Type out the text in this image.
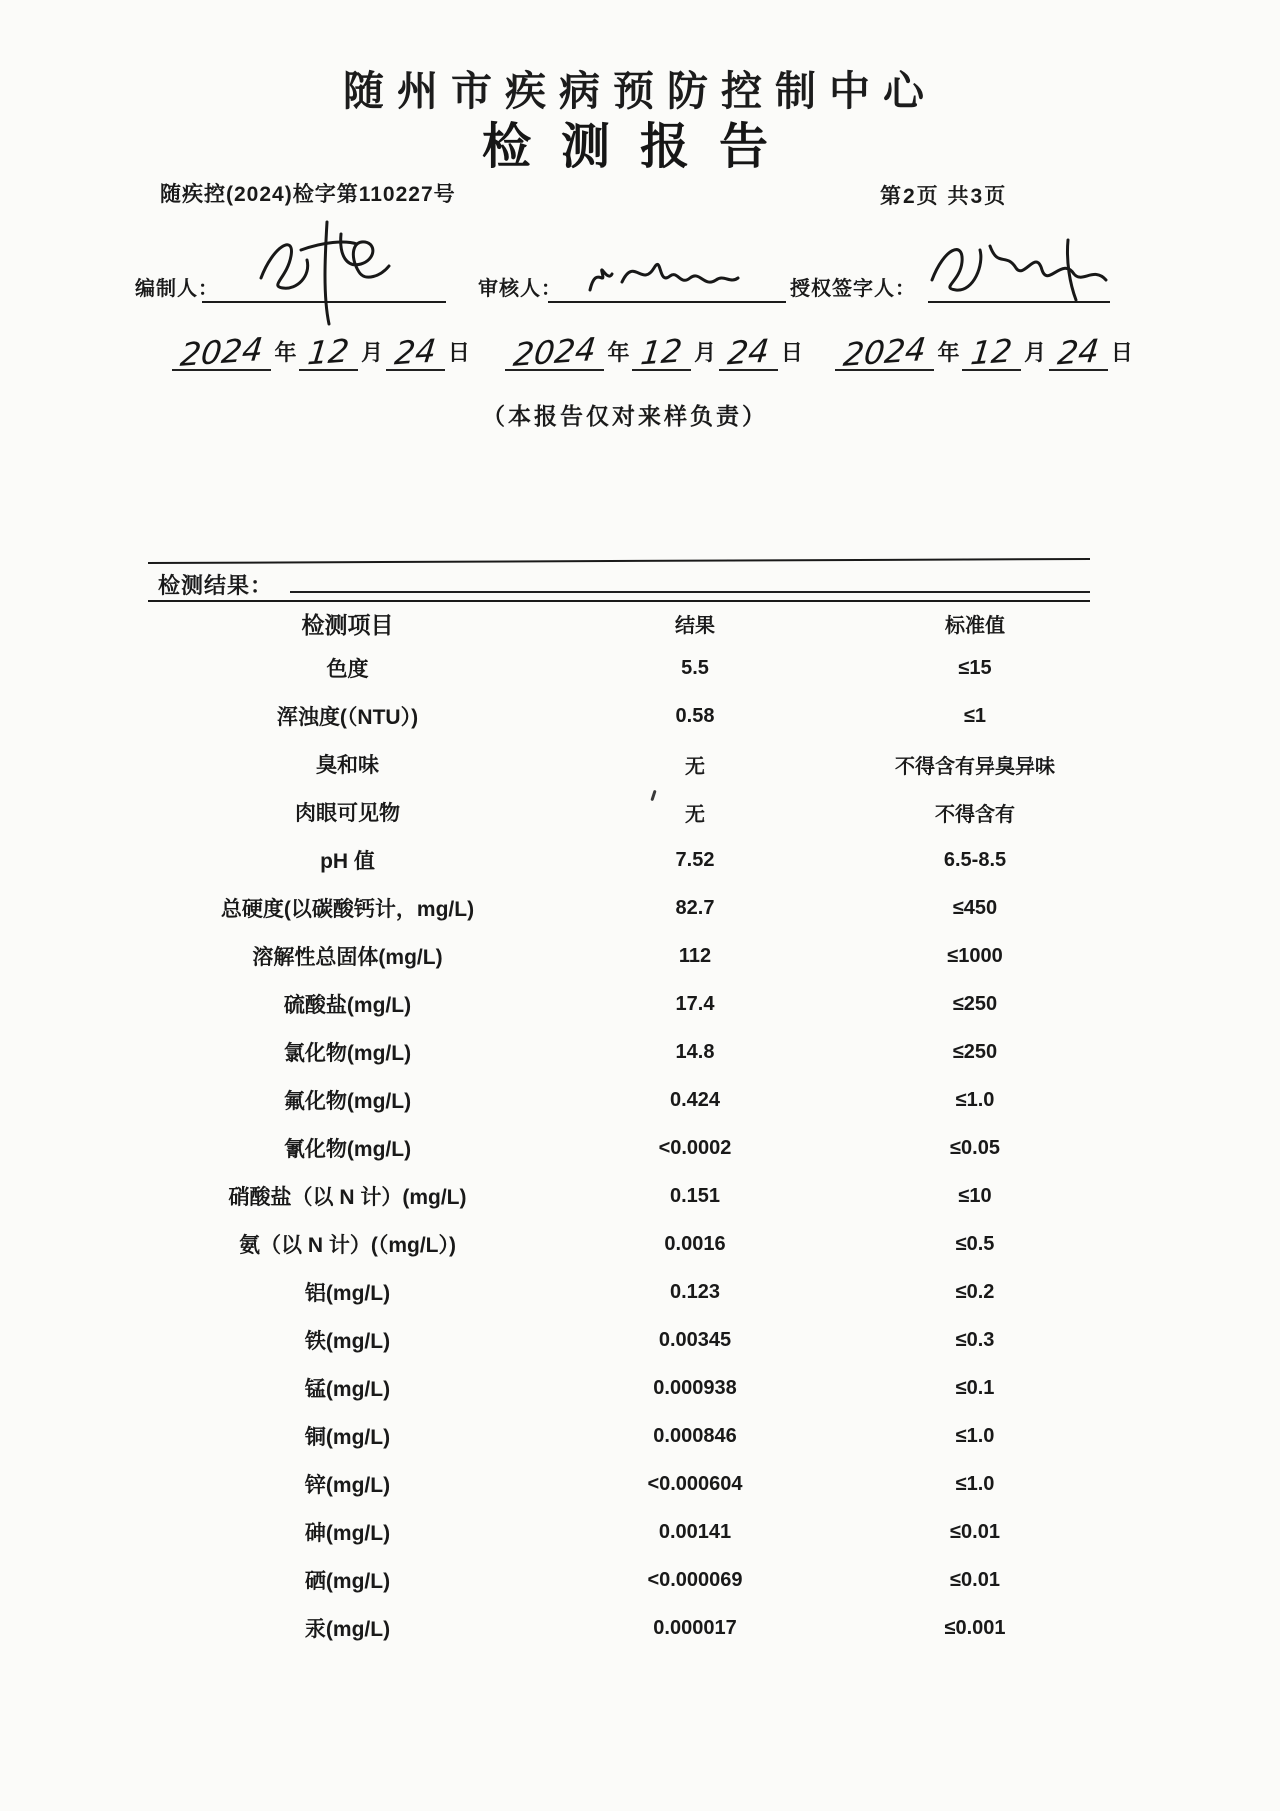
随州市疾病预防控制中心
检测报告
随疾控(2024)检字第110227号	第2页 共3页
编制人：	审核人：	授权签字人：
2024 年 12 月 24 日 2024 年 12 月 24 日 2024 年 12 月 24 日
（本报告仅对来样负责）
检测结果：
检测项目	结果	标准值
色度	5.5	≤15
浑浊度(（NTU）)	0.58	≤1
臭和味	无	不得含有异臭异味
肉眼可见物	无	不得含有
pH 值	7.52	6.5-8.5
总硬度(以碳酸钙计，mg/L)	82.7	≤450
溶解性总固体(mg/L)	112	≤1000
硫酸盐(mg/L)	17.4	≤250
氯化物(mg/L)	14.8	≤250
氟化物(mg/L)	0.424	≤1.0
氰化物(mg/L)	<0.0002	≤0.05
硝酸盐（以 N 计）(mg/L)	0.151	≤10
氨（以 N 计）(（mg/L）)	0.0016	≤0.5
铝(mg/L)	0.123	≤0.2
铁(mg/L)	0.00345	≤0.3
锰(mg/L)	0.000938	≤0.1
铜(mg/L)	0.000846	≤1.0
锌(mg/L)	<0.000604	≤1.0
砷(mg/L)	0.00141	≤0.01
硒(mg/L)	<0.000069	≤0.01
汞(mg/L)	0.000017	≤0.001
